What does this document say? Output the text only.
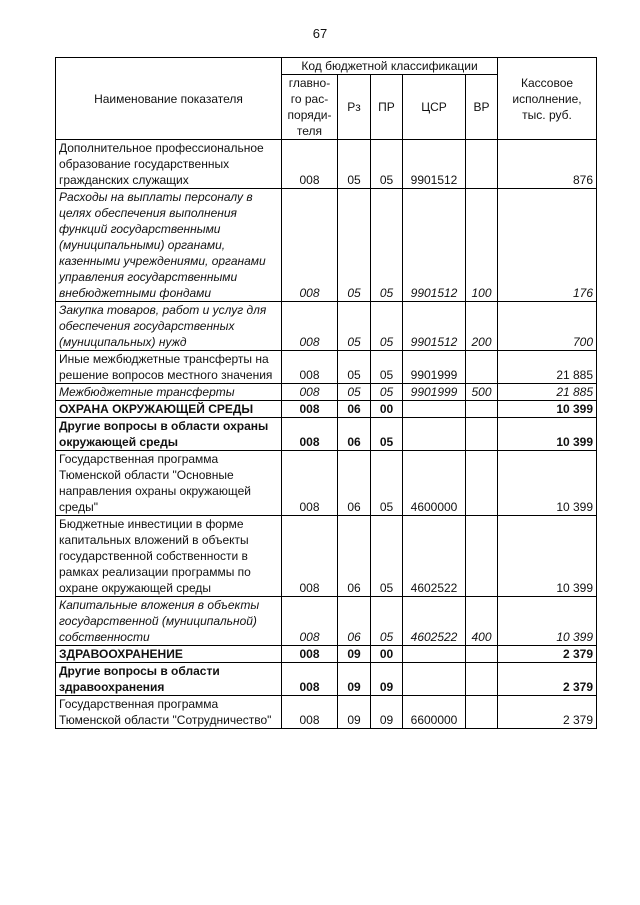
67
Наименование показателя	Код бюджетной классификации					Кассовое исполнение, тыс. руб.
	главно-го рас-поряди-теля	Рз	ПР	ЦСР	ВР	
Дополнительное профессиональное образование государственных гражданских служащих	008	05	05	9901512		876
Расходы на выплаты персоналу в целях обеспечения выполнения функций государственными (муниципальными) органами, казенными учреждениями, органами управления государственными внебюджетными фондами	008	05	05	9901512	100	176
Закупка товаров, работ и услуг для обеспечения государственных (муниципальных) нужд	008	05	05	9901512	200	700
Иные межбюджетные трансферты на решение вопросов местного значения	008	05	05	9901999		21 885
Межбюджетные трансферты	008	05	05	9901999	500	21 885
ОХРАНА ОКРУЖАЮЩЕЙ СРЕДЫ	008	06	00			10 399
Другие вопросы в области охраны окружающей среды	008	06	05			10 399
Государственная программа Тюменской области "Основные направления охраны окружающей среды"	008	06	05	4600000		10 399
Бюджетные инвестиции в форме капитальных вложений в объекты государственной собственности в рамках реализации программы по охране окружающей среды	008	06	05	4602522		10 399
Капитальные вложения в объекты государственной (муниципальной) собственности	008	06	05	4602522	400	10 399
ЗДРАВООХРАНЕНИЕ	008	09	00			2 379
Другие вопросы в области здравоохранения	008	09	09			2 379
Государственная программа Тюменской области "Сотрудничество"	008	09	09	6600000		2 379
